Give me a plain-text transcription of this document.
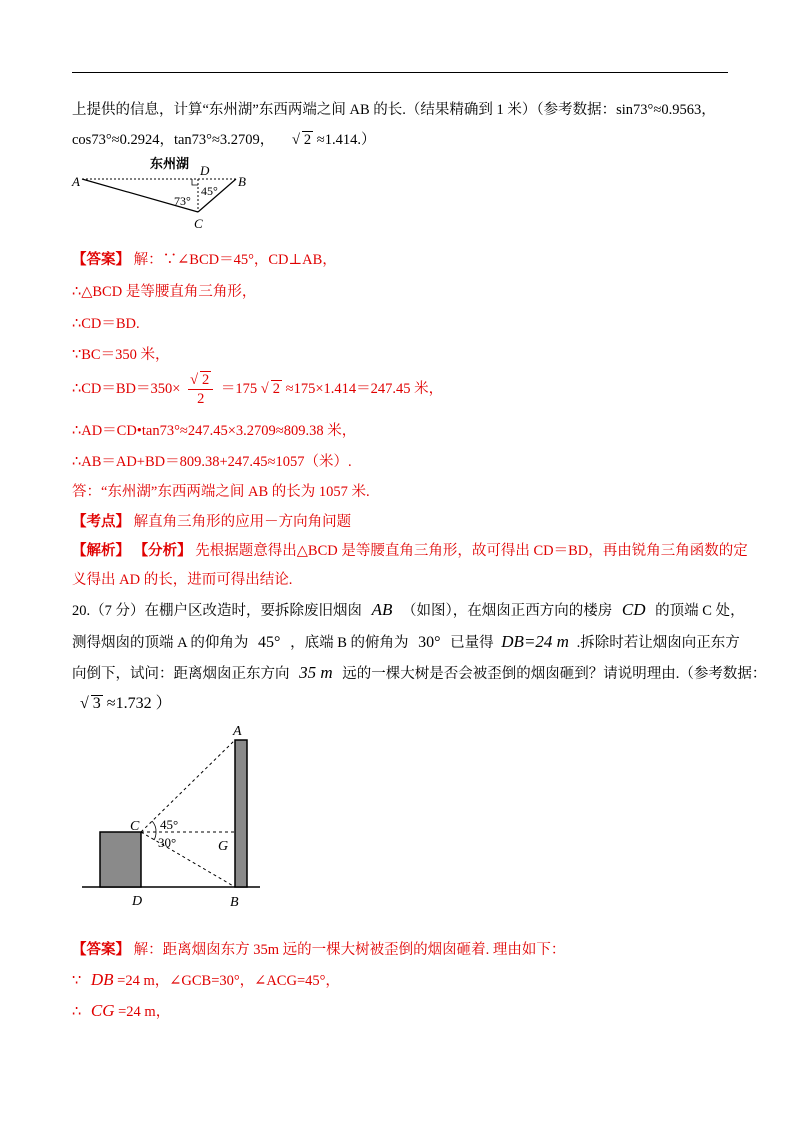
上提供的信息，计算“东州湖”东西两端之间 AB 的长.（结果精确到 1 米）（参考数据：sin73°≈0.9563，
cos73°≈0.2924，tan73°≈3.2709， √ 2 ≈1.414.）
东州湖
A	B
C
D
45°
73°
【答案】 解：∵∠BCD＝45°，CD⊥AB，
∴△BCD 是等腰直角三角形，
∴CD＝BD.
∵BC＝350 米，
∴CD＝BD＝350× $\frac{√ 2}{2} =175$ √ 2 ≈175×1.414＝247.45 米，
∴AD＝CD•tan73°≈247.45×3.2709≈809.38 米，
∴AB＝AD+BD＝809.38+247.45≈1057（米）.
答：“东州湖”东西两端之间 AB 的长为 1057 米.
【考点】 解直角三角形的应用－方向角问题
【解析】 【分析】 先根据题意得出△BCD 是等腰直角三角形，故可得出 CD＝BD，再由锐角三角函数的定
义得出 AD 的长，进而可得出结论.
20.（7 分）在棚户区改造时，要拆除废旧烟囱 AB （如图），在烟囱正西方向的楼房 CD 的顶端 C 处，
测得烟囱的顶端 A 的仰角为 45° ，底端 B 的俯角为 30° 已量得 DB=24 m .拆除时若让烟囱向正东方
向倒下，试问：距离烟囱正东方向 35 m 远的一棵大树是否会被歪倒的烟囱砸到？请说明理由.（参考数据：
√ 3 ≈1.732 ）
A
B
C
D
G
45°
30°
【答案】 解：距离烟囱东方 35m 远的一棵大树被歪倒的烟囱砸着. 理由如下：
∵ DB =24 m，∠GCB=30°，∠ACG=45°，
∴ CG =24 m，
